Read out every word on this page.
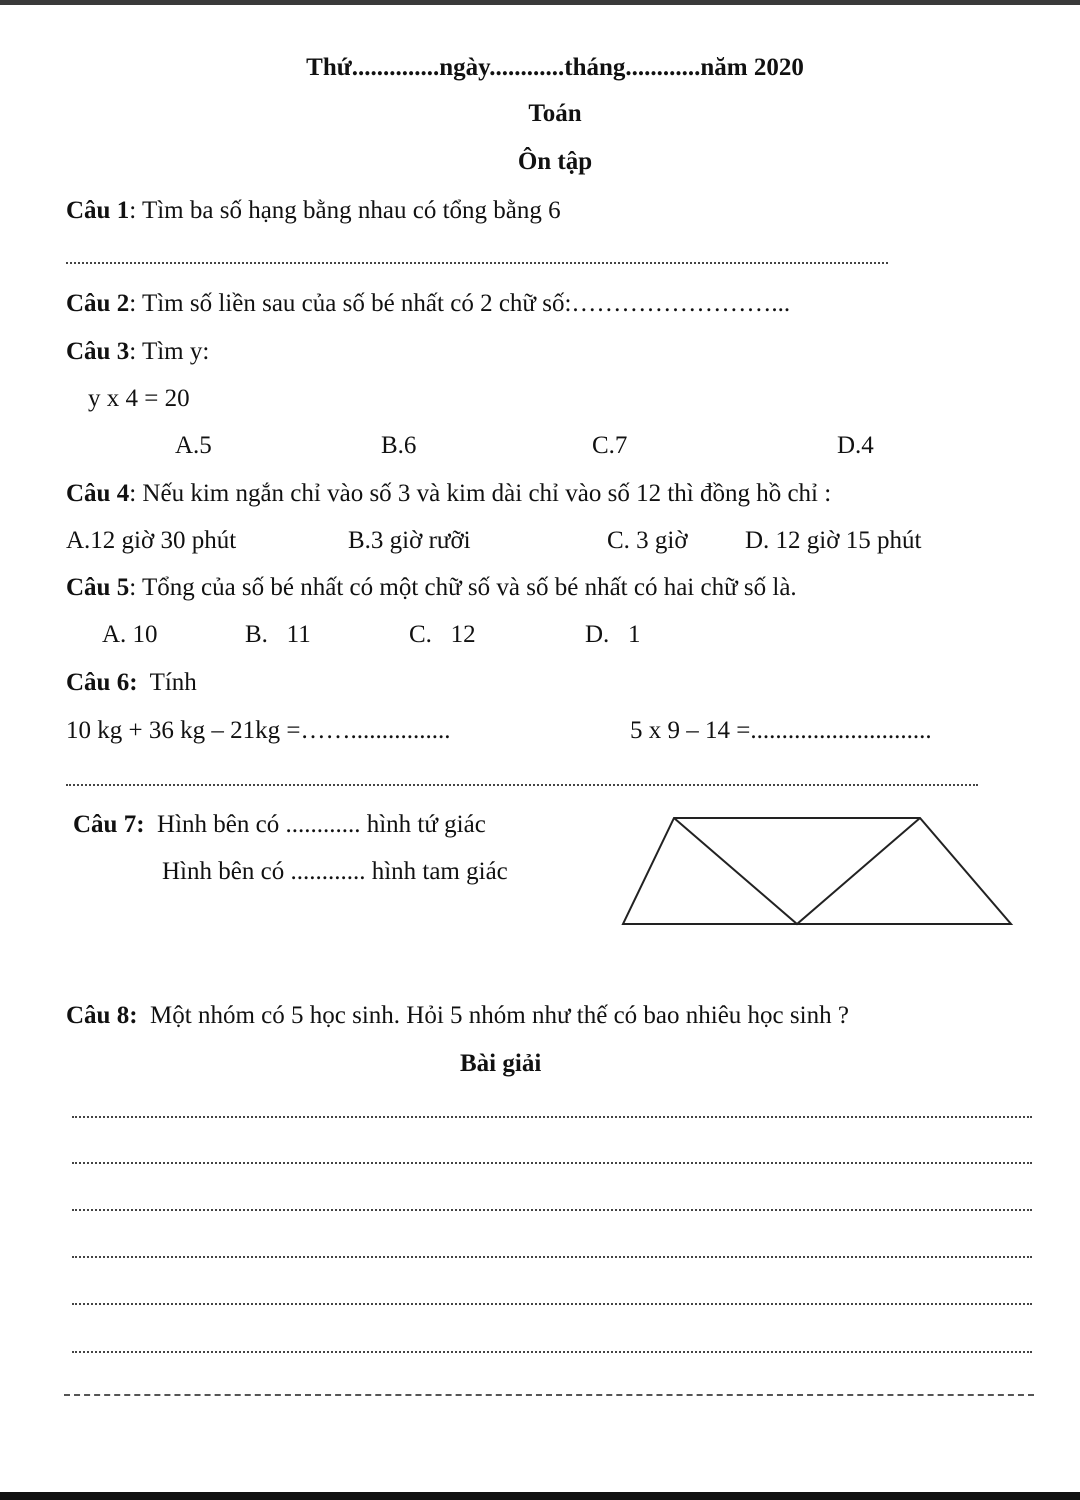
Thứ..............ngày............tháng............năm 2020
Toán
Ôn tập
Câu 1: Tìm ba số hạng bằng nhau có tổng bằng 6
Câu 2: Tìm số liền sau của số bé nhất có 2 chữ số:……………………...
Câu 3: Tìm y:
y x 4 = 20
A.5	B.6	C.7	D.4
Câu 4: Nếu kim ngắn chỉ vào số 3 và kim dài chỉ vào số 12 thì đồng hồ chỉ :
A.12 giờ 30 phút	B.3 giờ rưỡi	C. 3 giờ D. 12 giờ 15 phút
Câu 5: Tổng của số bé nhất có một chữ số và số bé nhất có hai chữ số là.
A. 10	B.   11	C.   12	D.   1
Câu 6:  Tính
10 kg + 36 kg – 21kg =……................	5 x 9 – 14 =.............................
Câu 7:  Hình bên có ............ hình tứ giác
Hình bên có ............ hình tam giác
Câu 8:  Một nhóm có 5 học sinh. Hỏi 5 nhóm như thế có bao nhiêu học sinh ?
Bài giải
